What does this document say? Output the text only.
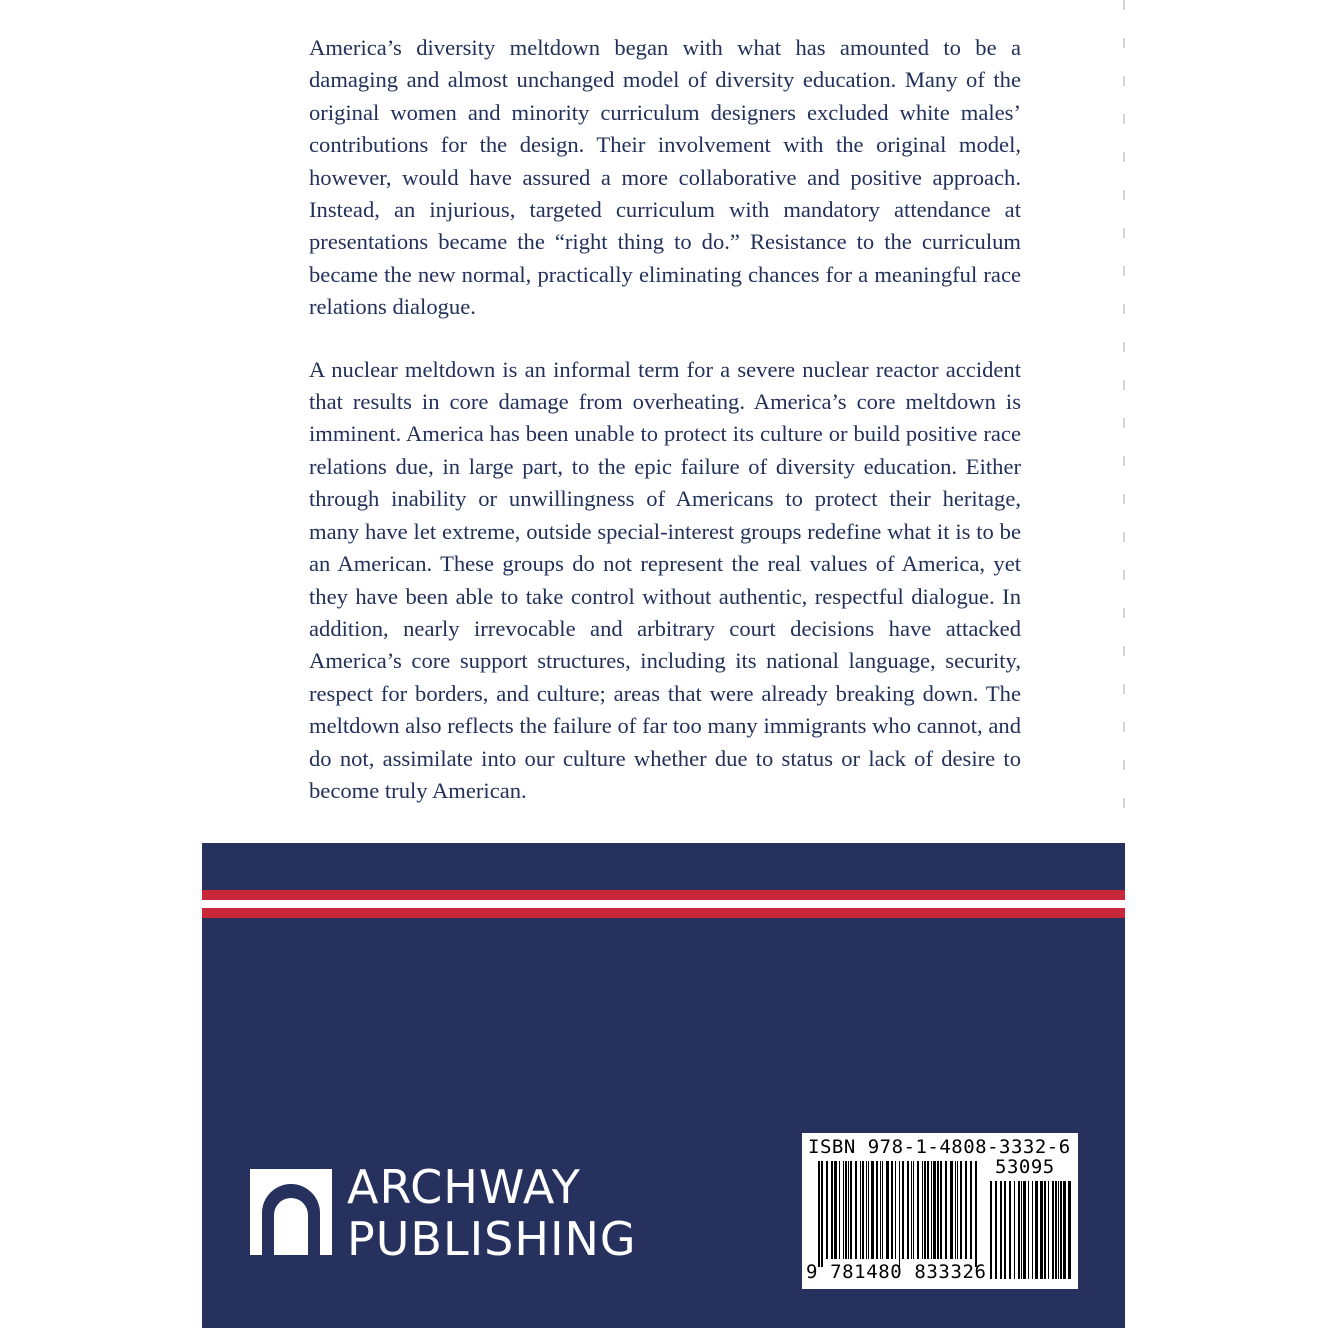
America’s diversity meltdown began with what has amounted to be a damaging and almost unchanged model of diversity education. Many of the original women and minority curriculum designers excluded white males’ contributions for the design. Their involvement with the original model, however, would have assured a more collaborative and positive approach. Instead, an injurious, targeted curriculum with mandatory attendance at presentations became the “right thing to do.” Resistance to the curriculum became the new normal, practically eliminating chances for a meaningful race relations dialogue.

A nuclear meltdown is an informal term for a severe nuclear reactor accident that results in core damage from overheating. America’s core meltdown is imminent. America has been unable to protect its culture or build positive race relations due, in large part, to the epic failure of diversity education. Either through inability or unwillingness of Americans to protect their heritage, many have let extreme, outside special-interest groups redefine what it is to be an American. These groups do not represent the real values of America, yet they have been able to take control without authentic, respectful dialogue. In addition, nearly irrevocable and arbitrary court decisions have attacked America’s core support structures, including its national language, security, respect for borders, and culture; areas that were already breaking down. The meltdown also reflects the failure of far too many immigrants who cannot, and do not, assimilate into our culture whether due to status or lack of desire to become truly American.

ARCHWAY
PUBLISHING
ISBN 978-1-4808-3332-6
53095
9 781480 833326
